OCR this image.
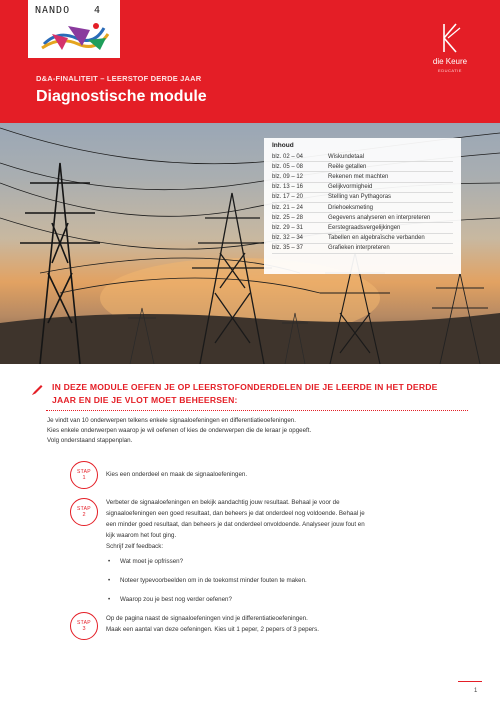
NANDO 4
die Keure
EDUCATIE
D&A-FINALITEIT – LEERSTOF DERDE JAAR
Diagnostische module
Inhoud
blz. 02 – 04	Wiskundetaal
blz. 05 – 08	Reële getallen
blz. 09 – 12	Rekenen met machten
blz. 13 – 16	Gelijkvormigheid
blz. 17 – 20	Stelling van Pythagoras
blz. 21 – 24	Driehoeksmeting
blz. 25 – 28	Gegevens analyseren en interpreteren
blz. 29 – 31	Eerstegraadsvergelijkingen
blz. 32 – 34	Tabellen en algebraïsche verbanden
blz. 35 – 37	Grafieken interpreteren
IN DEZE MODULE OEFEN JE OP LEERSTOFONDERDELEN DIE JE LEERDE IN HET DERDE JAAR EN DIE JE VLOT MOET BEHEERSEN:
Je vindt van 10 onderwerpen telkens enkele signaaloefeningen en differentiatieoefeningen.
Kies enkele onderwerpen waarop je wil oefenen of kies de onderwerpen die de leraar je opgeeft.
Volg onderstaand stappenplan.
STAP
1	Kies een onderdeel en maak de signaaloefeningen.
STAP
2
Verbeter de signaaloefeningen en bekijk aandachtig jouw resultaat. Behaal je voor de
signaaloefeningen een goed resultaat, dan beheers je dat onderdeel nog voldoende. Behaal je
een minder goed resultaat, dan beheers je dat onderdeel onvoldoende. Analyseer jouw fout en
kijk waarom het fout ging.
Schrijf zelf feedback:
• Wat moet je opfrissen?
• Noteer typevoorbeelden om in de toekomst minder fouten te maken.
• Waarop zou je best nog verder oefenen?
STAP
3
Op de pagina naast de signaaloefeningen vind je differentiatieoefeningen.
Maak een aantal van deze oefeningen. Kies uit 1 peper, 2 pepers of 3 pepers.
1
